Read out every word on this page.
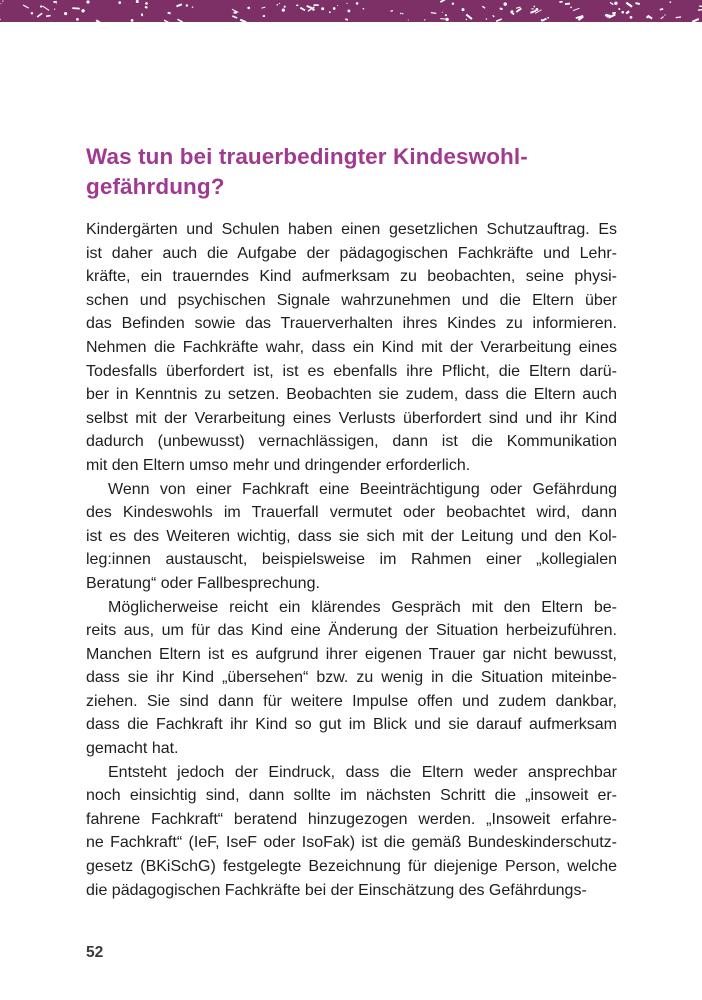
Was tun bei trauerbedingter Kindeswohl-
gefährdung?
Kindergärten und Schulen haben einen gesetzlichen Schutzauftrag. Es
ist daher auch die Aufgabe der pädagogischen Fachkräfte und Lehr-
kräfte, ein trauerndes Kind aufmerksam zu beobachten, seine physi-
schen und psychischen Signale wahrzunehmen und die Eltern über
das Befinden sowie das Trauerverhalten ihres Kindes zu informieren.
Nehmen die Fachkräfte wahr, dass ein Kind mit der Verarbeitung eines
Todesfalls überfordert ist, ist es ebenfalls ihre Pflicht, die Eltern darü-
ber in Kenntnis zu setzen. Beobachten sie zudem, dass die Eltern auch
selbst mit der Verarbeitung eines Verlusts überfordert sind und ihr Kind
dadurch (unbewusst) vernachlässigen, dann ist die Kommunikation
mit den Eltern umso mehr und dringender erforderlich.
Wenn von einer Fachkraft eine Beeinträchtigung oder Gefährdung
des Kindeswohls im Trauerfall vermutet oder beobachtet wird, dann
ist es des Weiteren wichtig, dass sie sich mit der Leitung und den Kol-
leg:innen austauscht, beispielsweise im Rahmen einer „kollegialen
Beratung“ oder Fallbesprechung.
Möglicherweise reicht ein klärendes Gespräch mit den Eltern be-
reits aus, um für das Kind eine Änderung der Situation herbeizuführen.
Manchen Eltern ist es aufgrund ihrer eigenen Trauer gar nicht bewusst,
dass sie ihr Kind „übersehen“ bzw. zu wenig in die Situation miteinbe-
ziehen. Sie sind dann für weitere Impulse offen und zudem dankbar,
dass die Fachkraft ihr Kind so gut im Blick und sie darauf aufmerksam
gemacht hat.
Entsteht jedoch der Eindruck, dass die Eltern weder ansprechbar
noch einsichtig sind, dann sollte im nächsten Schritt die „insoweit er-
fahrene Fachkraft“ beratend hinzugezogen werden. „Insoweit erfahre-
ne Fachkraft“ (IeF, IseF oder IsoFak) ist die gemäß Bundeskinderschutz-
gesetz (BKiSchG) festgelegte Bezeichnung für diejenige Person, welche
die pädagogischen Fachkräfte bei der Einschätzung des Gefährdungs-
52
